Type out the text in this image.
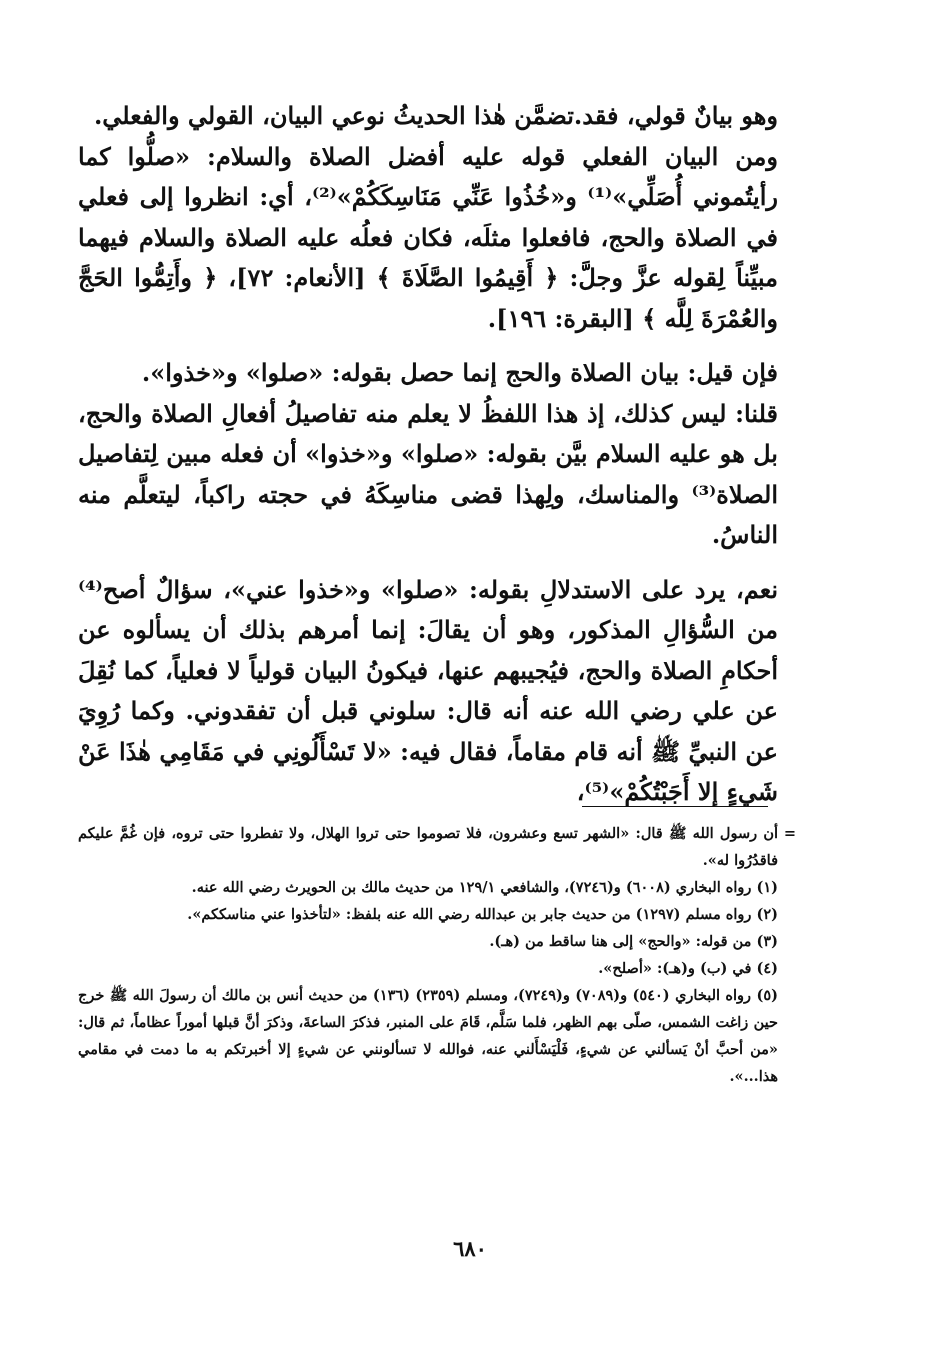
وهو بيانٌ قولي، فقد.تضمَّن هٰذا الحديثُ نوعي البيان، القولي والفعلي.

ومن البيان الفعلي قوله عليه أفضل الصلاة والسلام: «صلُّوا كما رأيتُموني أُصَلِّي»⁽¹⁾ و«خُذُوا عَنِّي مَنَاسِكَكُمْ»⁽²⁾، أي: انظروا إلى فعلي في الصلاة والحج، فافعلوا مثلَه، فكان فعلُه عليه الصلاة والسلام فيهما مبيِّناً لِقوله عزَّ وجلَّ: ﴿ أَقِيمُوا الصَّلَاةَ ﴾ [الأنعام: ٧٢]، ﴿ وأَتِمُّوا الحَجَّ والعُمْرَةَ لِلَّه ﴾ [البقرة: ١٩٦].

فإن قيل: بيان الصلاة والحج إنما حصل بقوله: «صلوا» و«خذوا».

قلنا: ليس كذلك، إذ هذا اللفظُ لا يعلم منه تفاصيلُ أفعالِ الصلاة والحج، بل هو عليه السلام بيَّن بقوله: «صلوا» و«خذوا» أن فعله مبين لِتفاصيل الصلاة⁽³⁾ والمناسك، ولِهذا قضى مناسِكَهُ في حجته راكباً، ليتعلَّم منه الناسُ.

نعم، يرد على الاستدلالِ بقوله: «صلوا» و«خذوا عني»، سؤالٌ أصح⁽⁴⁾ من السُّؤالِ المذكور، وهو أن يقالَ: إنما أمرهم بذلك أن يسألوه عن أحكامِ الصلاة والحج، فيُجيبهم عنها، فيكونُ البيان قولياً لا فعلياً، كما نُقِلَ عن علي رضي الله عنه أنه قال: سلوني قبل أن تفقدوني. وكما رُوِيَ عن النبيِّ ﷺ أنه قام مقاماً، فقال فيه: «لا تَسْأَلُونِي في مَقَامِي هٰذَا عَنْ شَيءٍ إلا أَجَبْتُكُمْ»⁽⁵⁾،

=
أن رسول الله ﷺ قال: «الشهر تسع وعشرون، فلا تصوموا حتى تروا الهلال، ولا تفطروا حتى تروه، فإن غُمَّ عليكم فاقدُرُوا له».

(١) رواه البخاري (٦٠٠٨) و(٧٢٤٦)، والشافعي ١٢٩/١ من حديث مالك بن الحويرث رضي الله عنه.

(٢) رواه مسلم (١٢٩٧) من حديث جابر بن عبدالله رضي الله عنه بلفظ: «لتأخذوا عني مناسككم».

(٣) من قوله: «والحج» إلى هنا ساقط من (هـ).

(٤) في (ب) و(هـ): «أصلح».

(٥) رواه البخاري (٥٤٠) و(٧٠٨٩) و(٧٢٤٩)، ومسلم (٢٣٥٩) (١٣٦) من حديث أنس بن مالك أن رسولَ الله ﷺ خرج حين زاغت الشمس، صلّى بهم الظهر، فلما سَلَّم، قَامَ على المنبر، فذكرَ الساعةَ، وذكرَ أنَّ قبلها أموراً عظاماً، ثم قال: «من أحبَّ أنْ يَسألني عن شيءٍ، فَلْيَسْأَلني عنه، فوالله لا تسألونني عن شيءٍ إلا أخبرتكم به ما دمت في مقامي هذا...».

٦٨٠
